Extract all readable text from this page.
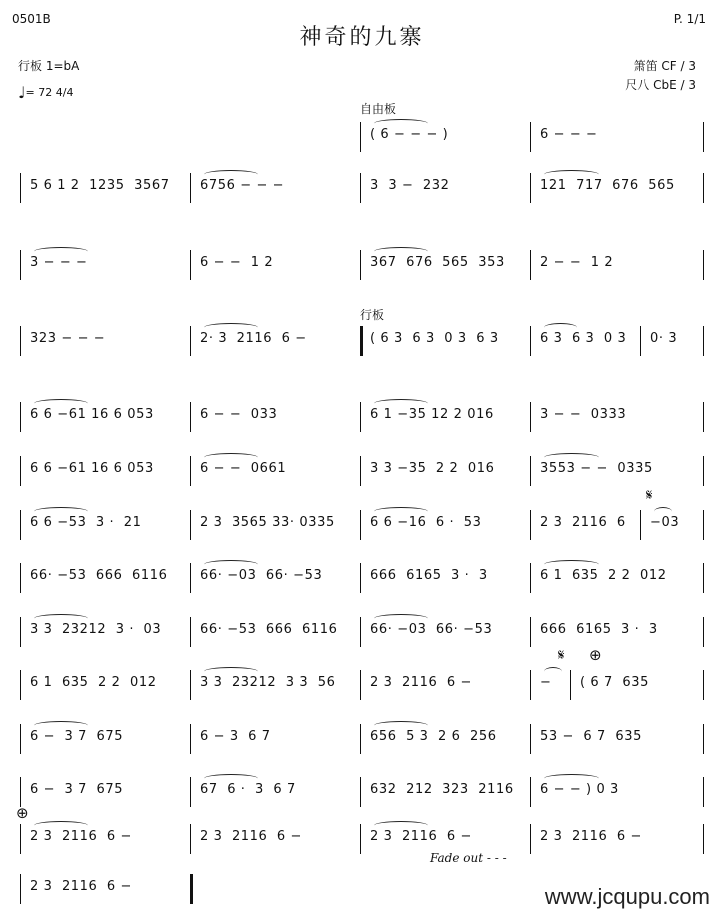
0501B	P. 1/1
神奇的九寨
行板 1=bA	箫笛 CF / 3
尺八 CbE / 3
♩= 72 4/4
自由板
行板
( 6 − − − )	6 − − −
5 6 1 2  1235  3567 6756 − − −	3  3 −  232	121  717  676  565
3 − − −	6 − −  1 2	367  676  565  353	2 − −  1 2
323 − − −	2· 3  2116  6 −	( 6 3  6 3  0 3  6 3	6 3  6 3  0 3 0· 3
6 6 −61 16 6 053	6 − −  033	6 1 −35 12 2 016	3 − −  0333
6 6 −61 16 6 053	6 − −  0661	3 3 −35  2 2  016	3553 − −  0335
6 6 −53  3 ·  21	2 3  3565 33· 0335	6 6 −16  6 ·  53	2 3  2116  6 −03
66· −53  666  6116	66· −03  66· −53	666  6165  3 ·  3	6 1  635  2 2  012
3 3  23212  3 ·  03	66· −53  666  6116	66· −03  66· −53	666  6165  3 ·  3
6 1  635  2 2  012	3 3  23212  3 3  56	2 3  2116  6 −	− ( 6 7  635
6 −  3 7  675	6 − 3  6 7	656  5 3  2 6  256	53 −  6 7  635
6 −  3 7  675	67  6 ·  3  6 7	632  212  323  2116 6 − − ) 0 3
2 3  2116  6 −	2 3  2116  6 −	2 3  2116  6 −	2 3  2116  6 −
2 3  2116  6 −
𝄋
𝄋 ⊕
⊕
Fade out - - -
www.jcqupu.com
